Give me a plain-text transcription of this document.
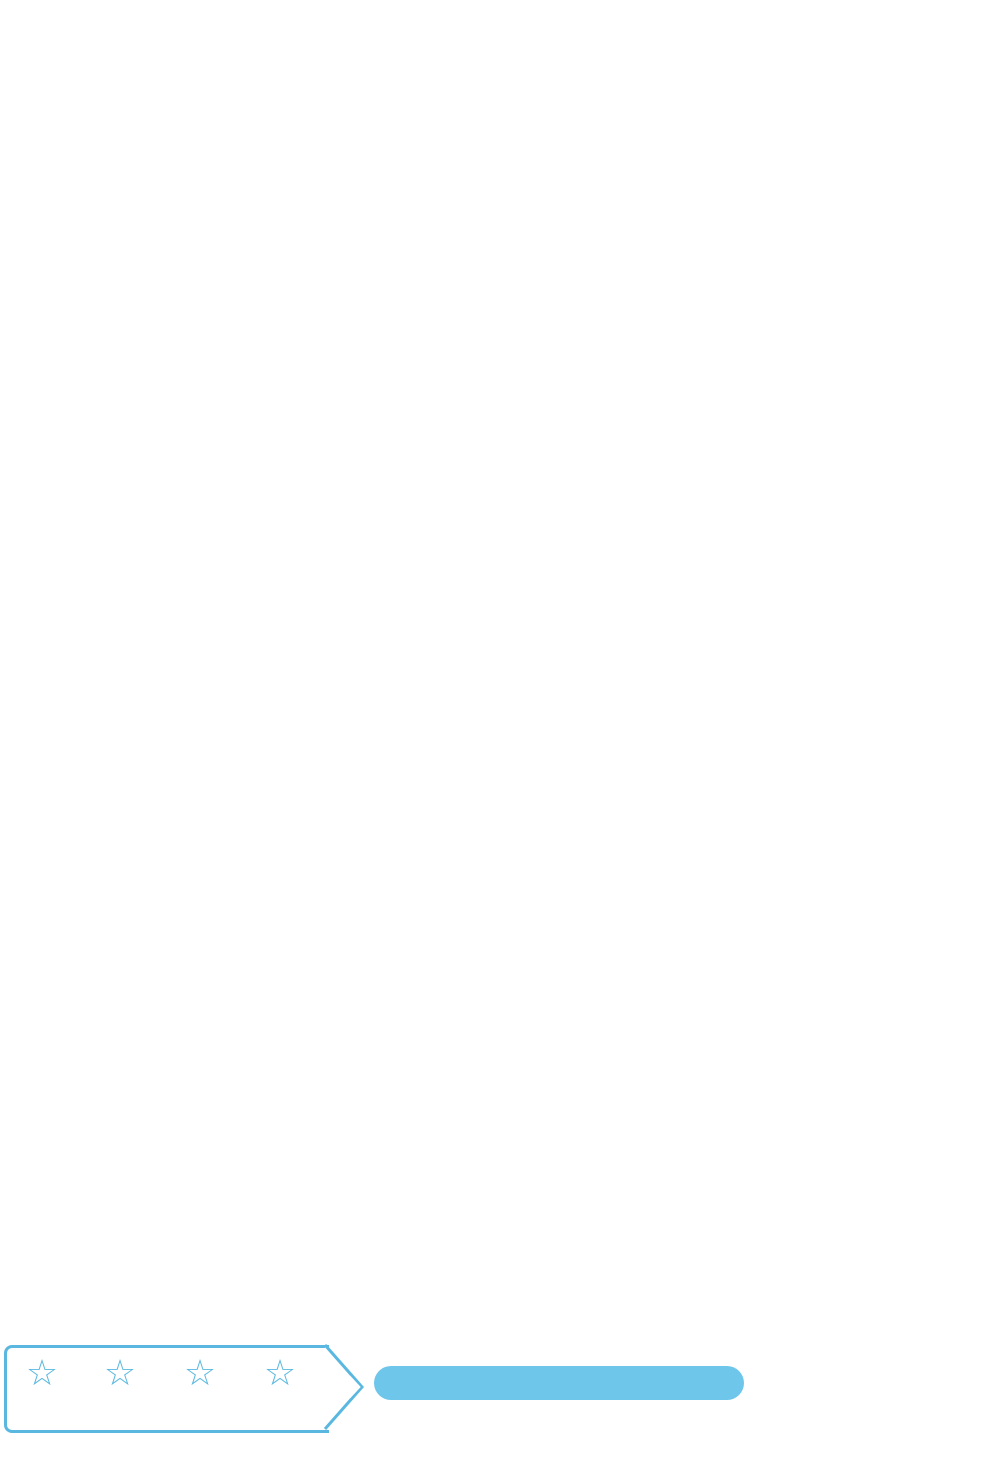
☆	☆	☆	☆
